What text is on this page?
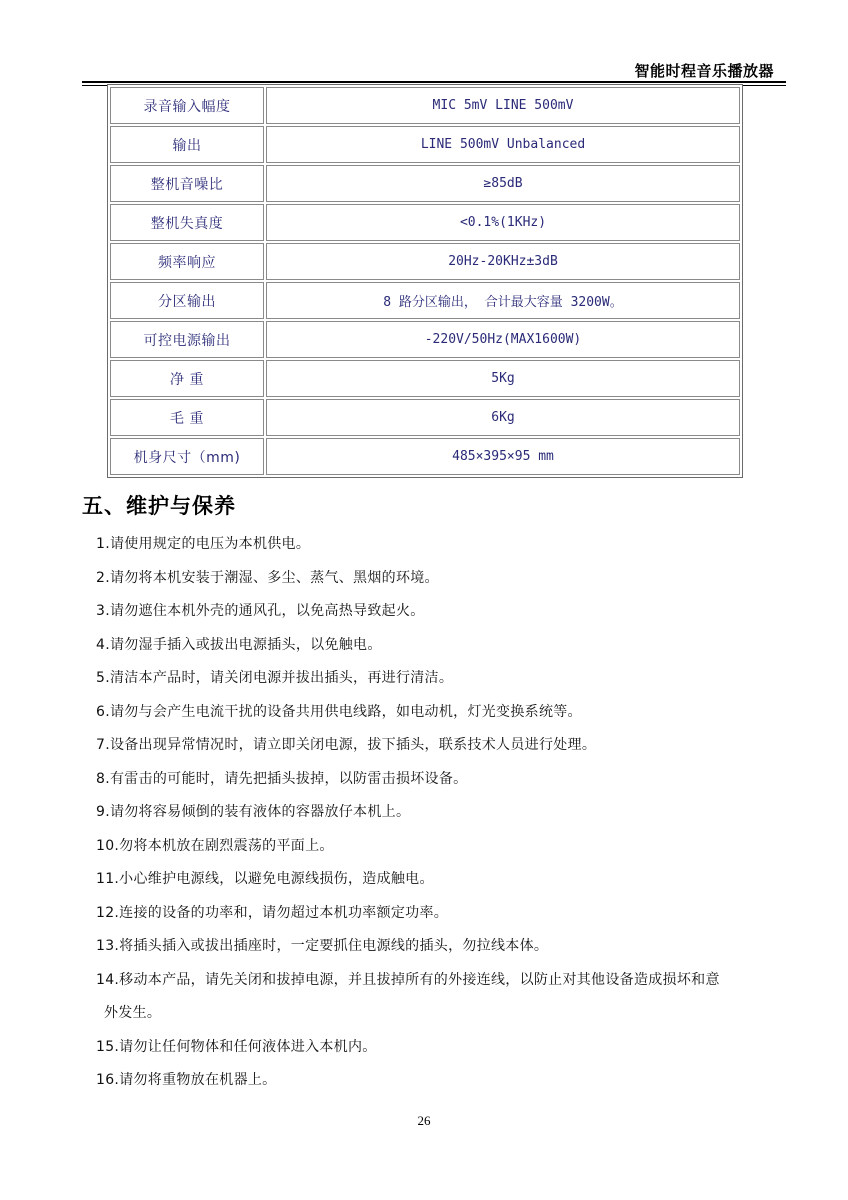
智能时程音乐播放器
录音输入幅度	MIC 5mV LINE 500mV
输出	LINE 500mV Unbalanced
整机音噪比	≥85dB
整机失真度	<0.1%(1KHz)
频率响应	20Hz-20KHz±3dB
分区输出	8 路分区输出， 合计最大容量 3200W。
可控电源输出	-220V/50Hz(MAX1600W)
净 重	5Kg
毛 重	6Kg
机身尺寸（mm)	485×395×95 mm
五、维护与保养
1.请使用规定的电压为本机供电。
2.请勿将本机安装于潮湿、多尘、蒸气、黑烟的环境。
3.请勿遮住本机外壳的通风孔，以免高热导致起火。
4.请勿湿手插入或拔出电源插头，以免触电。
5.清洁本产品时，请关闭电源并拔出插头，再进行清洁。
6.请勿与会产生电流干扰的设备共用供电线路，如电动机，灯光变换系统等。
7.设备出现异常情况时，请立即关闭电源，拔下插头，联系技术人员进行处理。
8.有雷击的可能时，请先把插头拔掉，以防雷击损坏设备。
9.请勿将容易倾倒的装有液体的容器放仔本机上。
10.勿将本机放在剧烈震荡的平面上。
11.小心维护电源线，以避免电源线损伤，造成触电。
12.连接的设备的功率和，请勿超过本机功率额定功率。
13.将插头插入或拔出插座时，一定要抓住电源线的插头，勿拉线本体。
14.移动本产品，请先关闭和拔掉电源，并且拔掉所有的外接连线，以防止对其他设备造成损坏和意
外发生。
15.请勿让任何物体和任何液体进入本机内。
16.请勿将重物放在机器上。
26
